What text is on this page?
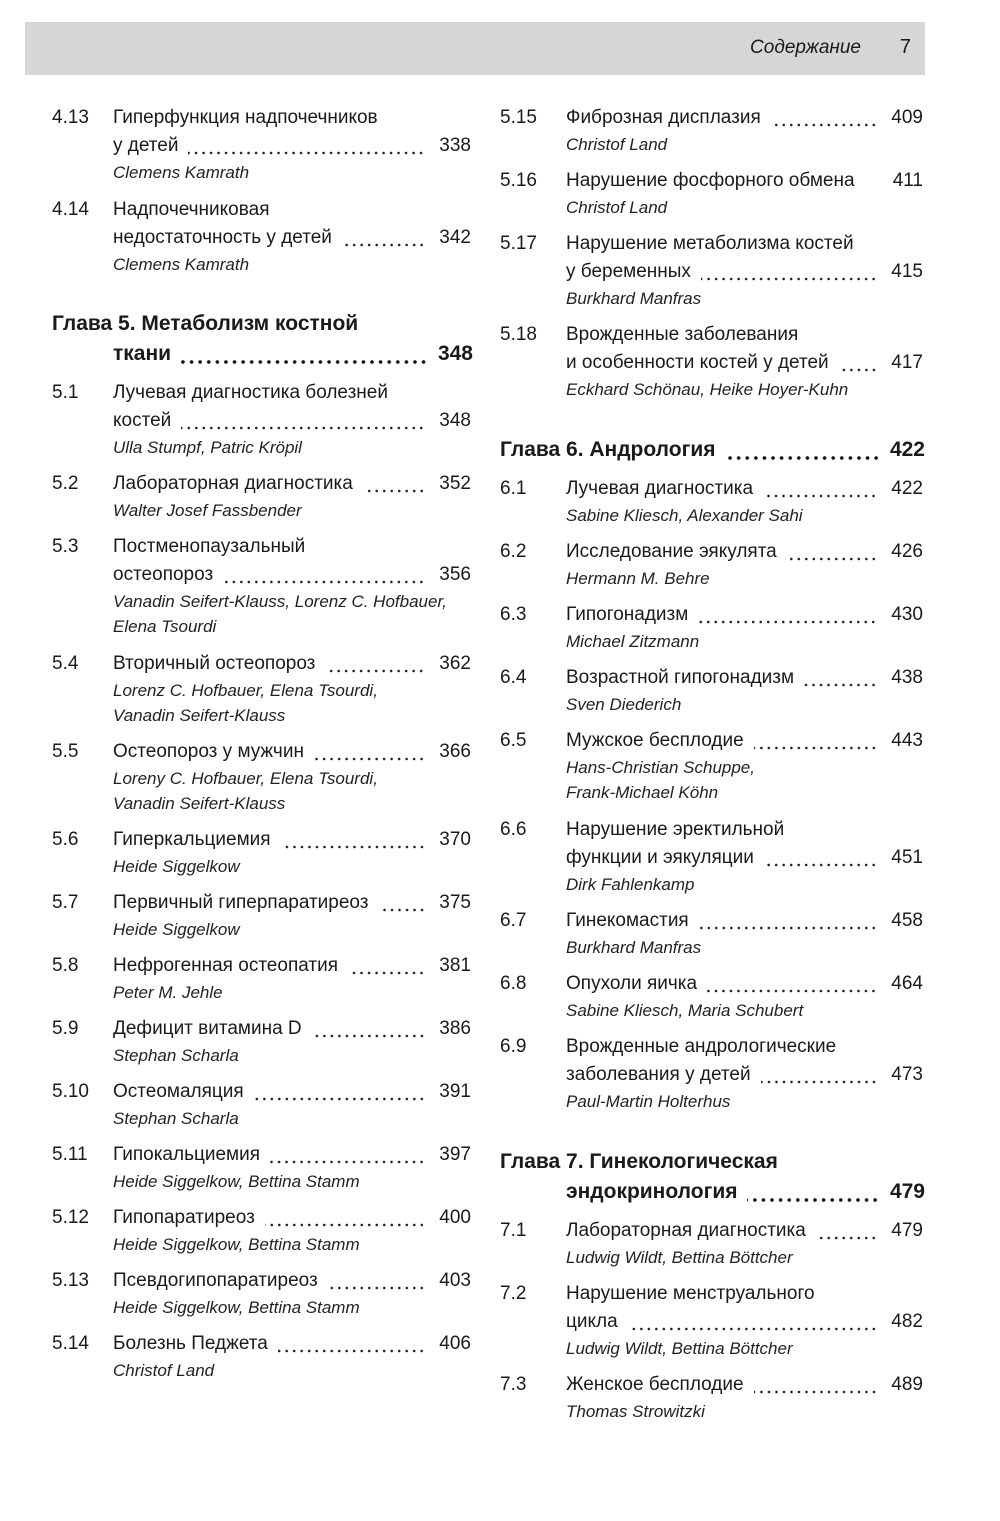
Содержание 7
4.13 Гиперфункция надпочечников
у детей	338
Clemens Kamrath
4.14 Надпочечниковая
недостаточность у детей	342
Clemens Kamrath
Глава 5. Метаболизм костной
ткани	348
5.1 Лучевая диагностика болезней
костей	348
Ulla Stumpf, Patric Kröpil
5.2 Лабораторная диагностика	352
Walter Josef Fassbender
5.3 Постменопаузальный
остеопороз	356
Vanadin Seifert-Klauss, Lorenz C. Hofbauer,
Elena Tsourdi
5.4 Вторичный остеопороз	362
Lorenz C. Hofbauer, Elena Tsourdi,
Vanadin Seifert-Klauss
5.5 Остеопороз у мужчин	366
Loreny C. Hofbauer, Elena Tsourdi,
Vanadin Seifert-Klauss
5.6 Гиперкальциемия	370
Heide Siggelkow
5.7 Первичный гиперпаратиреоз	375
Heide Siggelkow
5.8 Нефрогенная остеопатия	381
Peter M. Jehle
5.9 Дефицит витамина D	386
Stephan Scharla
5.10 Остеомаляция	391
Stephan Scharla
5.11 Гипокальциемия	397
Heide Siggelkow, Bettina Stamm
5.12 Гипопаратиреоз	400
Heide Siggelkow, Bettina Stamm
5.13 Псевдогипопаратиреоз	403
Heide Siggelkow, Bettina Stamm
5.14 Болезнь Педжета	406
Christof Land
5.15 Фиброзная дисплазия	409
Christof Land
5.16 Нарушение фосфорного обмена 411
Christof Land
5.17 Нарушение метаболизма костей
у беременных	415
Burkhard Manfras
5.18 Врожденные заболевания
и особенности костей у детей	417
Eckhard Schönau, Heike Hoyer-Kuhn
Глава 6. Андрология	422
6.1 Лучевая диагностика	422
Sabine Kliesch, Alexander Sahi
6.2 Исследование эякулята	426
Hermann M. Behre
6.3 Гипогонадизм	430
Michael Zitzmann
6.4 Возрастной гипогонадизм	438
Sven Diederich
6.5 Мужское бесплодие	443
Hans-Christian Schuppe,
Frank-Michael Köhn
6.6 Нарушение эректильной
функции и эякуляции	451
Dirk Fahlenkamp
6.7 Гинекомастия	458
Burkhard Manfras
6.8 Опухоли яичка	464
Sabine Kliesch, Maria Schubert
6.9 Врожденные андрологические
заболевания у детей	473
Paul-Martin Holterhus
Глава 7. Гинекологическая
эндокринология	479
7.1 Лабораторная диагностика	479
Ludwig Wildt, Bettina Böttcher
7.2 Нарушение менструального
цикла	482
Ludwig Wildt, Bettina Böttcher
7.3 Женское бесплодие	489
Thomas Strowitzki
